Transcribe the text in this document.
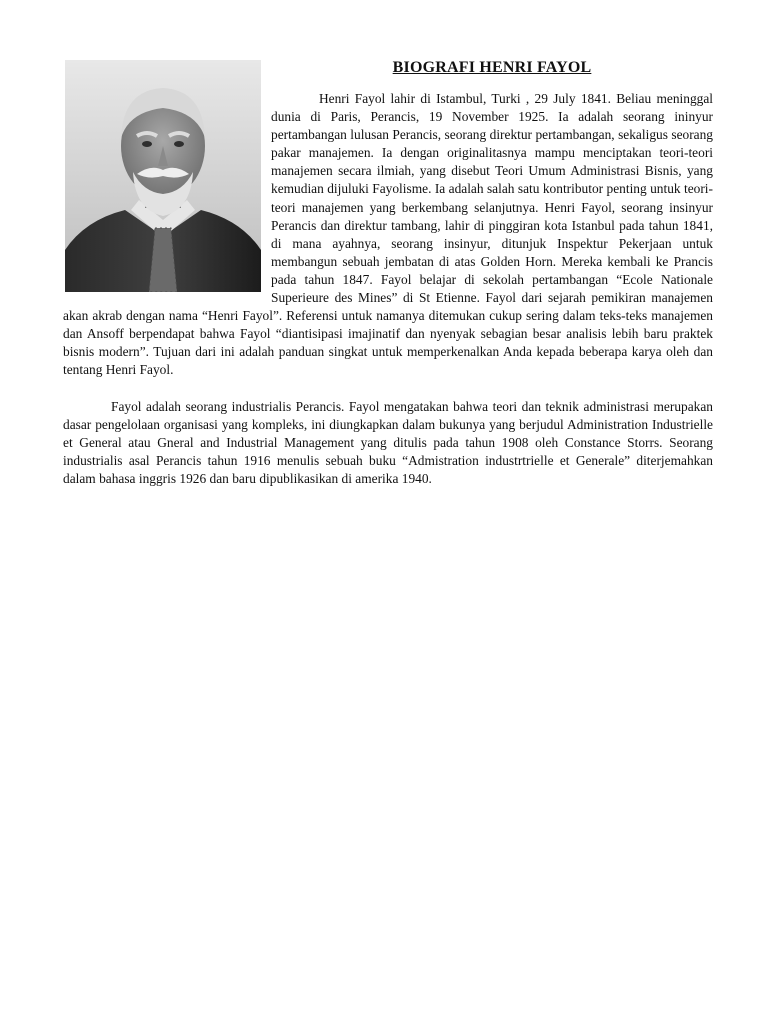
BIOGRAFI HENRI FAYOL

Henri Fayol lahir di Istambul, Turki , 29 July 1841. Beliau meninggal dunia di Paris, Perancis, 19 November 1925. Ia adalah seorang ininyur pertambangan lulusan Perancis, seorang direktur pertambangan, sekaligus seorang pakar manajemen. Ia dengan originalitasnya mampu menciptakan teori-teori manajemen secara ilmiah, yang disebut Teori Umum Administrasi Bisnis, yang kemudian dijuluki Fayolisme. Ia adalah salah satu kontributor penting untuk teori-teori manajemen yang berkembang selanjutnya. Henri Fayol, seorang insinyur Perancis dan direktur tambang, lahir di pinggiran kota Istanbul pada tahun 1841, di mana ayahnya, seorang insinyur, ditunjuk Inspektur Pekerjaan untuk membangun sebuah jembatan di atas Golden Horn. Mereka kembali ke Prancis pada tahun 1847. Fayol belajar di sekolah pertambangan “Ecole Nationale Superieure des Mines” di St Etienne. Fayol dari sejarah pemikiran manajemen akan akrab dengan nama “Henri Fayol”. Referensi untuk namanya ditemukan cukup sering dalam teks-teks manajemen dan Ansoff berpendapat bahwa Fayol “diantisipasi imajinatif dan nyenyak sebagian besar analisis lebih baru praktek bisnis modern”. Tujuan dari ini adalah panduan singkat untuk memperkenalkan Anda kepada beberapa karya oleh dan tentang Henri Fayol.

Fayol adalah seorang industrialis Perancis. Fayol mengatakan bahwa teori dan teknik administrasi merupakan dasar pengelolaan organisasi yang kompleks, ini diungkapkan dalam bukunya yang berjudul Administration Industrielle et General atau Gneral and Industrial Management yang ditulis pada tahun 1908 oleh Constance Storrs. Seorang industrialis asal Perancis tahun 1916 menulis sebuah buku “Admistration industrtrielle et Generale” diterjemahkan dalam bahasa inggris 1926 dan baru dipublikasikan di amerika 1940.
